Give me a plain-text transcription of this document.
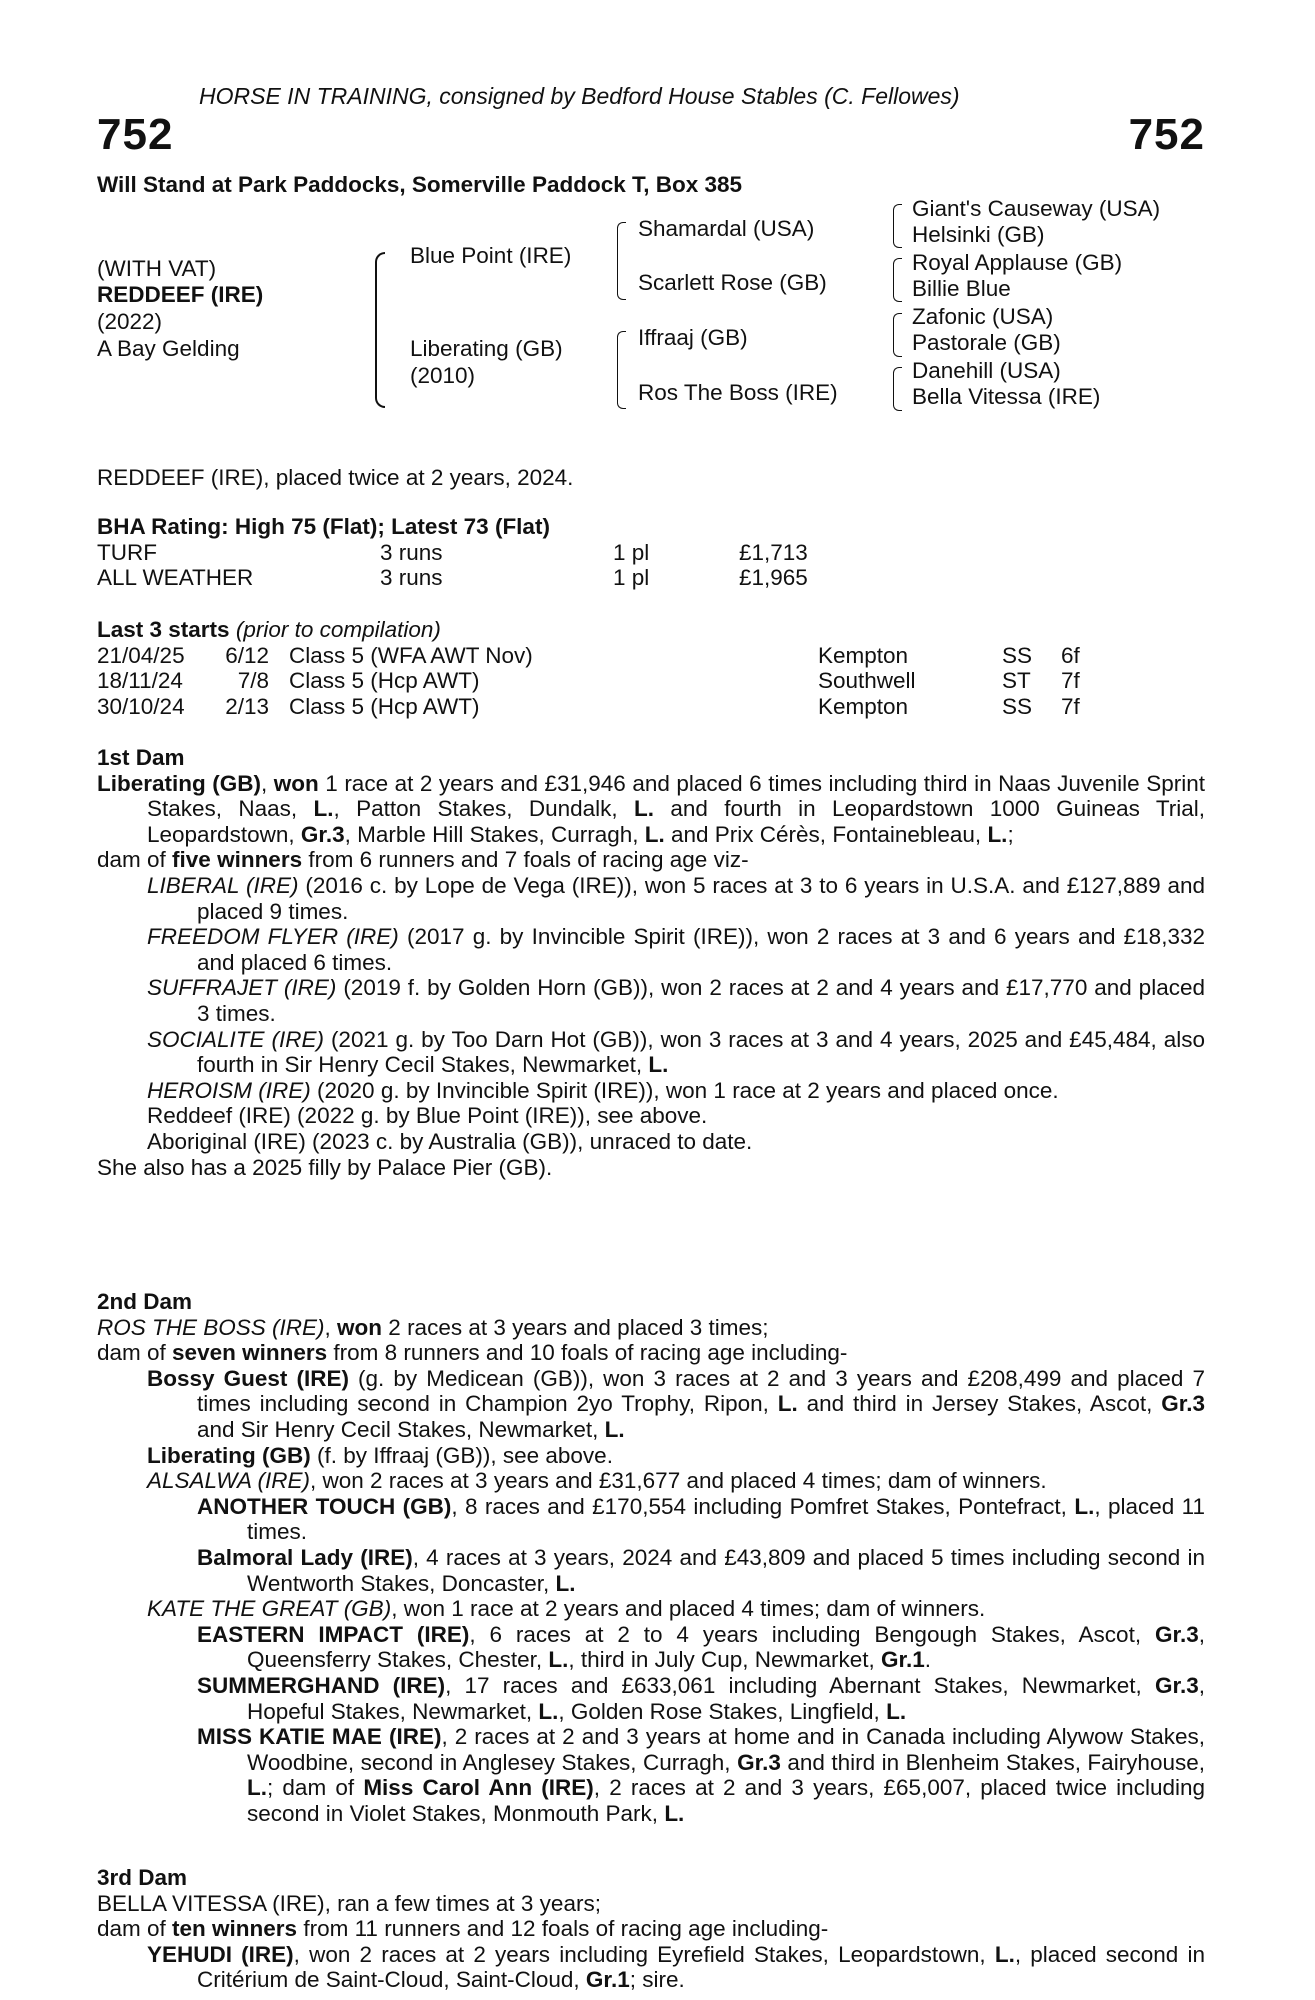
HORSE IN TRAINING, consigned by Bedford House Stables (C. Fellowes)
752	752
Will Stand at Park Paddocks, Somerville Paddock T, Box 385
(WITH VAT)
REDDEEF (IRE)
(2022)
A Bay Gelding
Blue Point (IRE)
Liberating (GB)
(2010)
Shamardal (USA)
Scarlett Rose (GB)
Iffraaj (GB)
Ros The Boss (IRE)
Giant's Causeway (USA)
Helsinki (GB)
Royal Applause (GB)
Billie Blue
Zafonic (USA)
Pastorale (GB)
Danehill (USA)
Bella Vitessa (IRE)
REDDEEF (IRE), placed twice at 2 years, 2024.
BHA Rating: High 75 (Flat); Latest 73 (Flat)
TURF	3 runs	1 pl	£1,713
ALL WEATHER	3 runs	1 pl	£1,965
Last 3 starts (prior to compilation)
21/04/25 6/12 Class 5 (WFA AWT Nov)	Kempton	SS 6f
18/11/24	7/8 Class 5 (Hcp AWT)	Southwell	ST 7f
30/10/24 2/13 Class 5 (Hcp AWT)	Kempton	SS 7f

1st Dam

Liberating (GB), won 1 race at 2 years and £31,946 and placed 6 times including third in Naas Juvenile Sprint Stakes, Naas, L., Patton Stakes, Dundalk, L. and fourth in Leopardstown 1000 Guineas Trial, Leopardstown, Gr.3, Marble Hill Stakes, Curragh, L. and Prix Cérès, Fontainebleau, L.;

dam of five winners from 6 runners and 7 foals of racing age viz-

LIBERAL (IRE) (2016 c. by Lope de Vega (IRE)), won 5 races at 3 to 6 years in U.S.A. and £127,889 and placed 9 times.

FREEDOM FLYER (IRE) (2017 g. by Invincible Spirit (IRE)), won 2 races at 3 and 6 years and £18,332 and placed 6 times.

SUFFRAJET (IRE) (2019 f. by Golden Horn (GB)), won 2 races at 2 and 4 years and £17,770 and placed 3 times.

SOCIALITE (IRE) (2021 g. by Too Darn Hot (GB)), won 3 races at 3 and 4 years, 2025 and £45,484, also fourth in Sir Henry Cecil Stakes, Newmarket, L.

HEROISM (IRE) (2020 g. by Invincible Spirit (IRE)), won 1 race at 2 years and placed once.

Reddeef (IRE) (2022 g. by Blue Point (IRE)), see above.

Aboriginal (IRE) (2023 c. by Australia (GB)), unraced to date.

She also has a 2025 filly by Palace Pier (GB).

2nd Dam

ROS THE BOSS (IRE), won 2 races at 3 years and placed 3 times;

dam of seven winners from 8 runners and 10 foals of racing age including-

Bossy Guest (IRE) (g. by Medicean (GB)), won 3 races at 2 and 3 years and £208,499 and placed 7 times including second in Champion 2yo Trophy, Ripon, L. and third in Jersey Stakes, Ascot, Gr.3 and Sir Henry Cecil Stakes, Newmarket, L.

Liberating (GB) (f. by Iffraaj (GB)), see above.

ALSALWA (IRE), won 2 races at 3 years and £31,677 and placed 4 times; dam of winners.

ANOTHER TOUCH (GB), 8 races and £170,554 including Pomfret Stakes, Pontefract, L., placed 11 times.

Balmoral Lady (IRE), 4 races at 3 years, 2024 and £43,809 and placed 5 times including second in Wentworth Stakes, Doncaster, L.

KATE THE GREAT (GB), won 1 race at 2 years and placed 4 times; dam of winners.

EASTERN IMPACT (IRE), 6 races at 2 to 4 years including Bengough Stakes, Ascot, Gr.3, Queensferry Stakes, Chester, L., third in July Cup, Newmarket, Gr.1.

SUMMERGHAND (IRE), 17 races and £633,061 including Abernant Stakes, Newmarket, Gr.3, Hopeful Stakes, Newmarket, L., Golden Rose Stakes, Lingfield, L.

MISS KATIE MAE (IRE), 2 races at 2 and 3 years at home and in Canada including Alywow Stakes, Woodbine, second in Anglesey Stakes, Curragh, Gr.3 and third in Blenheim Stakes, Fairyhouse, L.; dam of Miss Carol Ann (IRE), 2 races at 2 and 3 years, £65,007, placed twice including second in Violet Stakes, Monmouth Park, L.

3rd Dam

BELLA VITESSA (IRE), ran a few times at 3 years;

dam of ten winners from 11 runners and 12 foals of racing age including-

YEHUDI (IRE), won 2 races at 2 years including Eyrefield Stakes, Leopardstown, L., placed second in Critérium de Saint-Cloud, Saint-Cloud, Gr.1; sire.
